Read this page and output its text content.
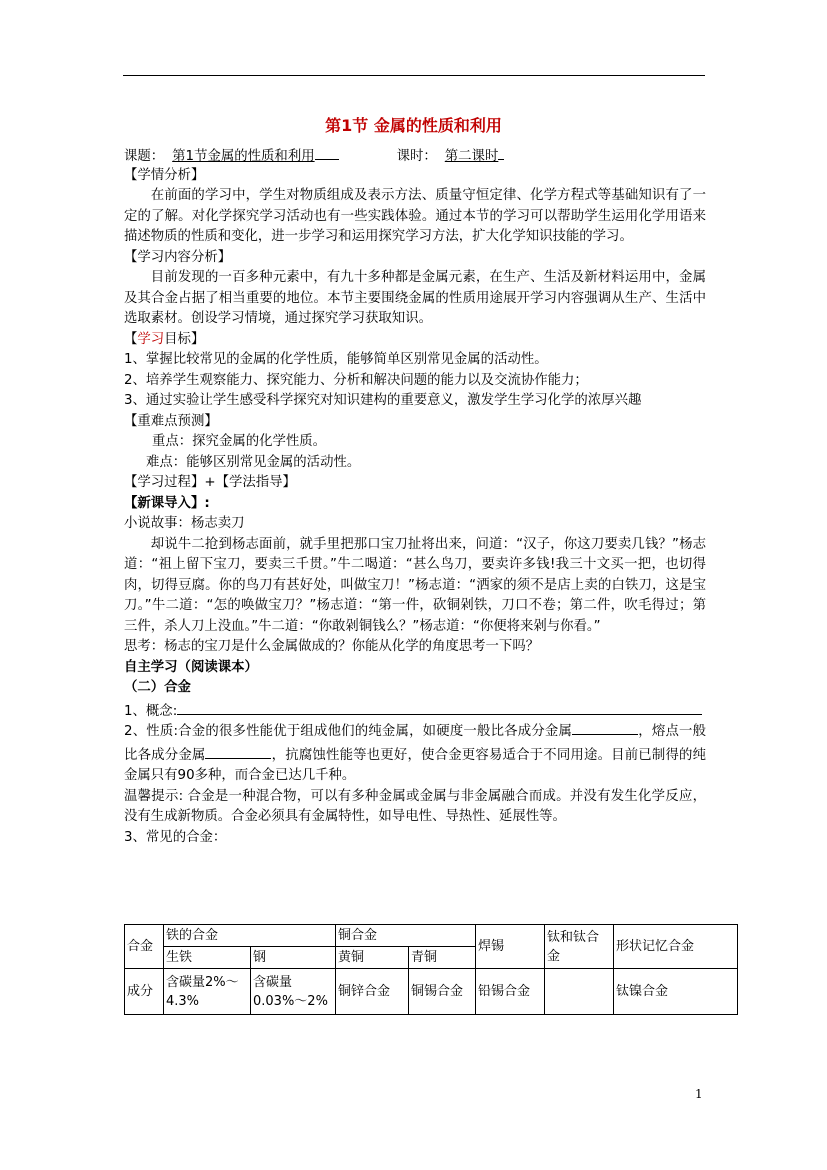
第1节 金属的性质和利用
课题： 第1节金属的性质和利用	课时： 第二课时
【学情分析】
在前面的学习中，学生对物质组成及表示方法、质量守恒定律、化学方程式等基础知识有了一定的了解。对化学探究学习活动也有一些实践体验。通过本节的学习可以帮助学生运用化学用语来描述物质的性质和变化，进一步学习和运用探究学习方法，扩大化学知识技能的学习。
【学习内容分析】
目前发现的一百多种元素中，有九十多种都是金属元素，在生产、生活及新材料运用中，金属及其合金占据了相当重要的地位。本节主要围绕金属的性质用途展开学习内容强调从生产、生活中选取素材。创设学习情境，通过探究学习获取知识。
【学习目标】
1、掌握比较常见的金属的化学性质，能够简单区别常见金属的活动性。
2、培养学生观察能力、探究能力、分析和解决问题的能力以及交流协作能力；
3、通过实验让学生感受科学探究对知识建构的重要意义，激发学生学习化学的浓厚兴趣
【重难点预测】
重点：探究金属的化学性质。
难点：能够区别常见金属的活动性。
【学习过程】+【学法指导】
【新课导入】:
小说故事：杨志卖刀
却说牛二抢到杨志面前，就手里把那口宝刀扯将出来，问道：“汉子，你这刀要卖几钱？”杨志道：“祖上留下宝刀，要卖三千贯。”牛二喝道：“甚么鸟刀，要卖许多钱!我三十文买一把，也切得肉，切得豆腐。你的鸟刀有甚好处，叫做宝刀！”杨志道：“洒家的须不是店上卖的白铁刀，这是宝刀。”牛二道：“怎的唤做宝刀？”杨志道：“第一件，砍铜剁铁，刀口不卷；第二件，吹毛得过；第三件，杀人刀上没血。”牛二道：“你敢剁铜钱么？”杨志道：“你便将来剁与你看。”
思考：杨志的宝刀是什么金属做成的？你能从化学的角度思考一下吗？
自主学习（阅读课本）
（二）合金
1、概念:
2、性质:合金的很多性能优于组成他们的纯金属，如硬度一般比各成分金属	，熔点一般比各成分金属	，抗腐蚀性能等也更好，使合金更容易适合于不同用途。目前已制得的纯金属只有90多种，而合金已达几千种。
温馨提示: 合金是一种混合物，可以有多种金属或金属与非金属融合而成。并没有发生化学反应，没有生成新物质。合金必须具有金属特性，如导电性、导热性、延展性等。
3、常见的合金：
合金	铁的合金		铜合金		焊锡	钛和钛合金	形状记忆合金
	生铁	钢	黄铜	青铜			
成分	含碳量2%～4.3%	含碳量0.03%～2%	铜锌合金	铜锡合金	铅锡合金		钛镍合金
1
